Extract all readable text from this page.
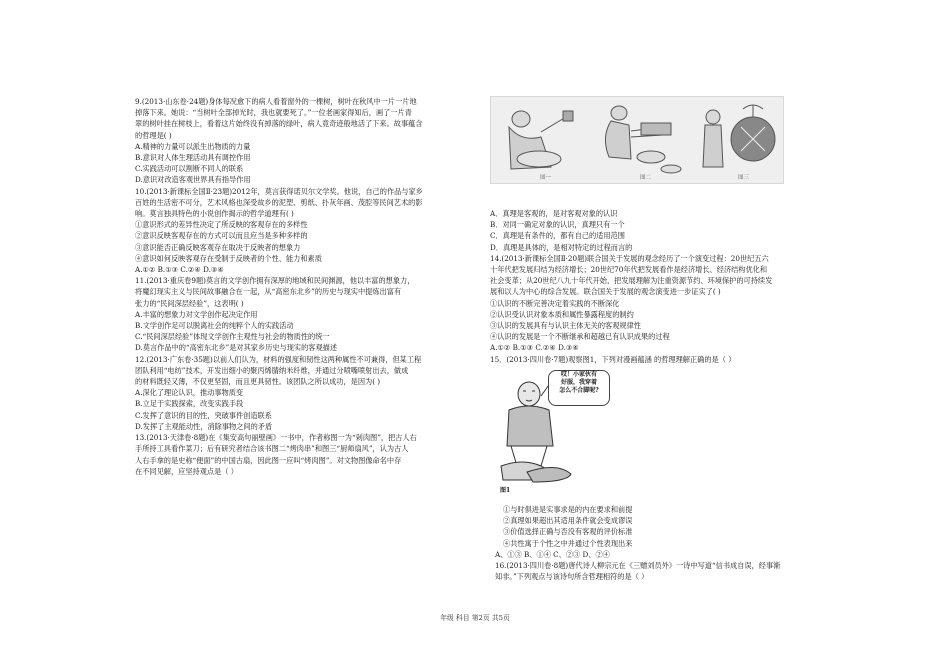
9.(2013·山东卷·24题)身体每况愈下的病人看着窗外的一棵树，树叶在秋风中一片一片地

掉落下来。她说：“当树叶全部掉光时，我也就要死了。”一位老画家得知后，画了一片青

翠的树叶挂在树枝上，看着这片始终没有掉落的绿叶，病人竟奇迹般地活了下来。故事蕴含

的哲理是( )

A.精神的力量可以派生出物质的力量

B.意识对人体生理活动具有调控作用

C.实践活动可以割断不同人的联系

D.意识对改造客观世界具有指导作用

10.(2013·新课标全国Ⅱ·23题)2012年，莫言获得诺贝尔文学奖。他说，自己的作品与家乡

百姓的生活密不可分，艺术风格也深受故乡的泥塑、剪纸、扑灰年画、茂腔等民间艺术的影

响。莫言独具特色的小说创作揭示的哲学道理有( )

①意识形式的差异性决定了所反映的客观存在的多样性

②意识反映客观存在的方式可以而且应当是多种多样的

③意识能否正确反映客观存在取决于反映者的想象力

④意识如何反映客观存在受制于反映者的个性、能力和素质

A.①② B.①③ C.②④ D.③④

11.(2013·重庆卷9题)莫言的文学创作拥有深厚的地域和民间渊源，他以丰富的想象力，

将魔幻现实主义与民间故事融合在一起，从“高密东北乡”的历史与现实中提炼出富有

张力的“民间深层经验”，这表明( )

A.丰富的想象力对文学创作起决定作用

B.文学创作足可以脱离社会的纯粹个人的实践活动

C.“民间深层经验”体现文学创作主观性与社会的物质性的统一

D.莫言作品中的“高密东北乡”是对其家乡历史与现实的客观描述

12.(2013·广东卷·35题)以前人们认为，材料的强度和韧性这两种属性不可兼得，但某工程

团队利用“电纺”技术，开发出细小的聚丙烯腈纳米纤维，并通过分喷嘴喷射出去，做成

的材料既轻又薄，不仅更坚固，而且更具韧性。该团队之所以成功，是因为( )

A.深化了理论认识，推动事物质变

B.立足于实践探索，改变实践手段

C.发挥了意识的目的性，突破事件创造联系

D.发挥了主观能动性，消除事物之间的矛盾

13.(2013·天津卷·8题)在《集安高句丽壁画》一书中，作者称图一为“剁肉图”，把古人右

手所持工具看作菜刀；后有研究者结合该书图二“烤肉串”和图三“厨师扇风”，认为古人

人右手拿的是史称“便面”的中国古扇，因此图一应叫“烤肉图”。对文物图像命名中存

在不同见解，应坚持观点是（ ）

图一	图二	图三

A．真理是客观的，是对客观对象的认识

B．对同一确定对象的认识，真理只有一个

C．真理是有条件的，都有自己的适用范围

D．真理是具体的，是相对特定的过程而言的

14.(2013·新课标全国Ⅱ·20题)联合国关于发展的观念经历了一个演变过程：20世纪五六

十年代把发展归结为经济增长；20世纪70年代把发展看作是经济增长、经济结构优化和

社会变革；从20世纪八九十年代开始，把发展理解为注重资源节约、环境保护的可持续发

展和以人为中心的综合发展。联合国关于发展的观念演变进一步证实了( )

①认识的不断完善决定着实践的不断深化

②认识受认识对象本质和属性暴露程度的制约

③认识的发展具有与认识主体无关的客观规律性

④认识的发展是一个不断继承和超越已有认识成果的过程

A.①② B.①③ C.②④ D.③④

15．(2013·四川卷·7题)观察图1，下列对漫画蕴涵 的哲理理解正确的是（ ）

哎！小家伙有
好服，我穿着
怎么不合脚呢?
图1

①与时俱进是实事求是的内在要求和前提

②真理如果超出其适用条件就会变成谬误

③价值选择正确与否没有客观的评价标准

④共性寓于个性之中并通过个性表现出来

A、①③ B、①④ C、②③ D、②④

16.(2013·四川卷·8题)唐代诗人柳宗元在《三赠刘员外》一诗中写道“信书成自误，经事渐

知非。”下列观点与该诗句所含哲理相符的是（ ）

年级 科目 第2页 共5页
